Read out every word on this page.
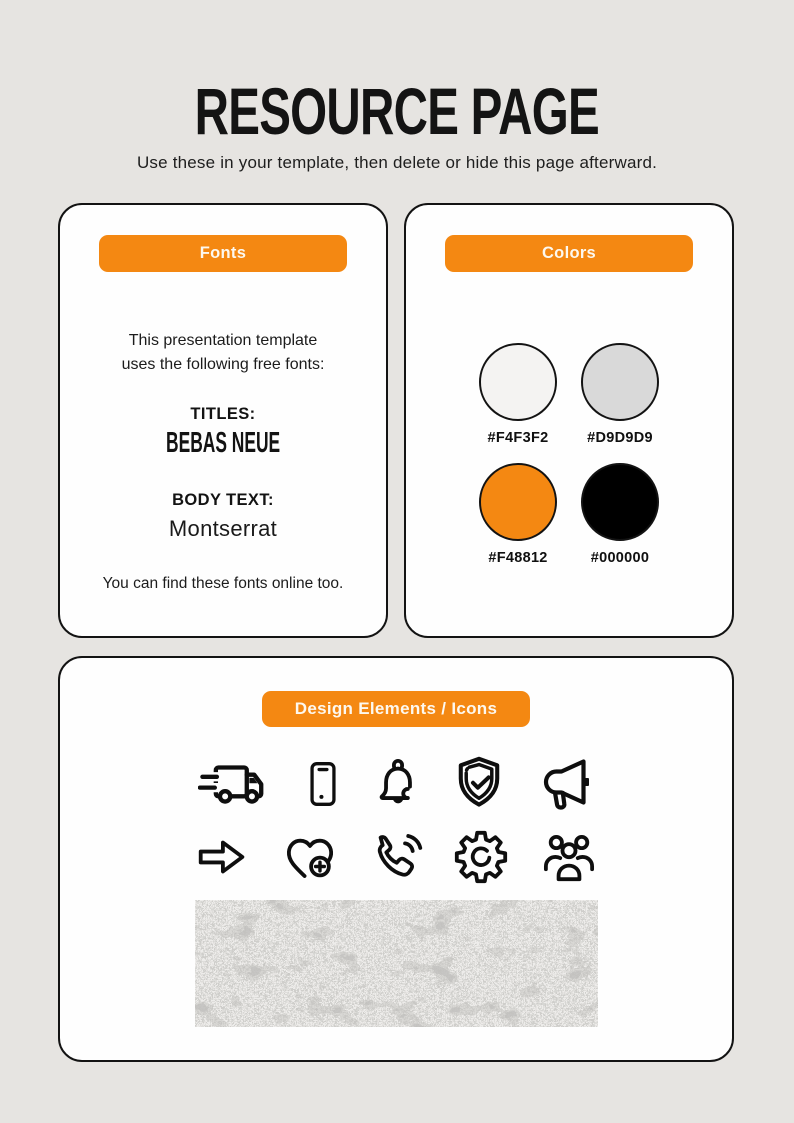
RESOURCE PAGE
Use these in your template, then delete or hide this page afterward.
Fonts
This presentation template
uses the following free fonts:
TITLES:
BEBAS NEUE
BODY TEXT:
Montserrat
You can find these fonts online too.
Colors
#F4F3F2	#D9D9D9
#F48812	#000000
Design Elements / Icons
